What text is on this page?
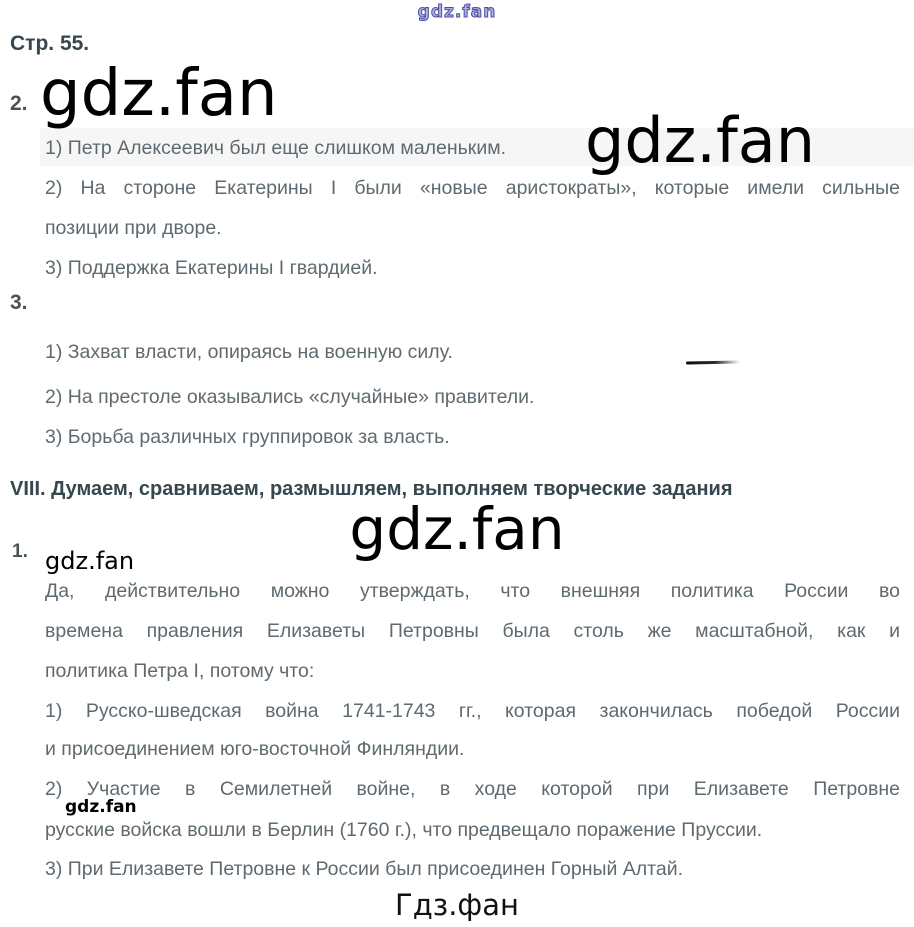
gdz.fan
Стр. 55.
2. gdz.fan
1) Петр Алексеевич был еще слишком маленьким.	gdz.fan
2) На стороне Екатерины I были «новые аристократы», которые имели сильные
позиции при дворе.
3) Поддержка Екатерины I гвардией.
3.
1) Захват власти, опираясь на военную силу.
2) На престоле оказывались «случайные» правители.
3) Борьба различных группировок за власть.
VIII. Думаем, сравниваем, размышляем, выполняем творческие задания
gdz.fan
1. gdz.fan
Да, действительно можно утверждать, что внешняя политика России во
времена правления Елизаветы Петровны была столь же масштабной, как и
политика Петра I, потому что:
1) Русско-шведская война 1741-1743 гг., которая закончилась победой России
и присоединением юго-восточной Финляндии.
2) Участие в Семилетней войне, в ходе которой при Елизавете Петровне
gdz.fan
русские войска вошли в Берлин (1760 г.), что предвещало поражение Пруссии.
3) При Елизавете Петровне к России был присоединен Горный Алтай.
Гдз.фан
